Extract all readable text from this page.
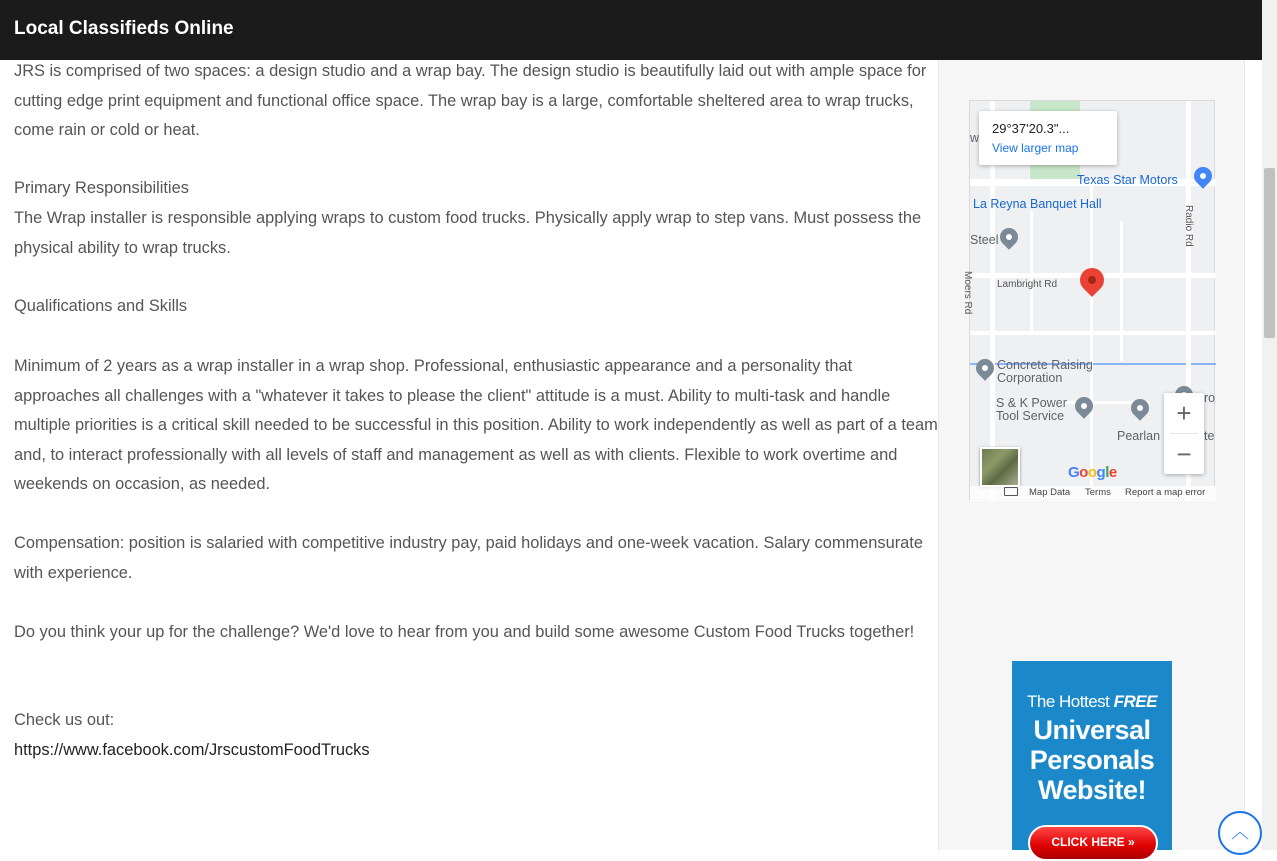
Local Classifieds Online

JRS is comprised of two spaces: a design studio and a wrap bay. The design studio is beautifully laid out with ample space for cutting edge print equipment and functional office space. The wrap bay is a large, comfortable sheltered area to wrap trucks, come rain or cold or heat.

Primary Responsibilities

The Wrap installer is responsible applying wraps to custom food trucks. Physically apply wrap to step vans. Must possess the physical ability to wrap trucks.

Qualifications and Skills

Minimum of 2 years as a wrap installer in a wrap shop. Professional, enthusiastic appearance and a personality that approaches all challenges with a "whatever it takes to please the client" attitude is a must. Ability to multi-task and handle multiple priorities is a critical skill needed to be successful in this position. Ability to work independently as well as part of a team and, to interact professionally with all levels of staff and management as well as with clients. Flexible to work overtime and weekends on occasion, as needed.

Compensation: position is salaried with competitive industry pay, paid holidays and one-week vacation. Salary commensurate with experience.

Do you think your up for the challenge? We'd love to hear from you and build some awesome Custom Food Trucks together!

Check us out:

https://www.facebook.com/JrscustomFoodTrucks

29°37'20.3"...
View larger map
w
Texas Star Motors
La Reyna Banquet Hall
Steel
Moers Rd
Radio Rd
Lambright Rd
Concrete Raising Corporation
S & K Power Tool Service
Pearlan
ro
te
+
−
Google
Map Data Terms Report a map error
The Hottest FREE
Universal
Personals
Website!
CLICK HERE »	︿
